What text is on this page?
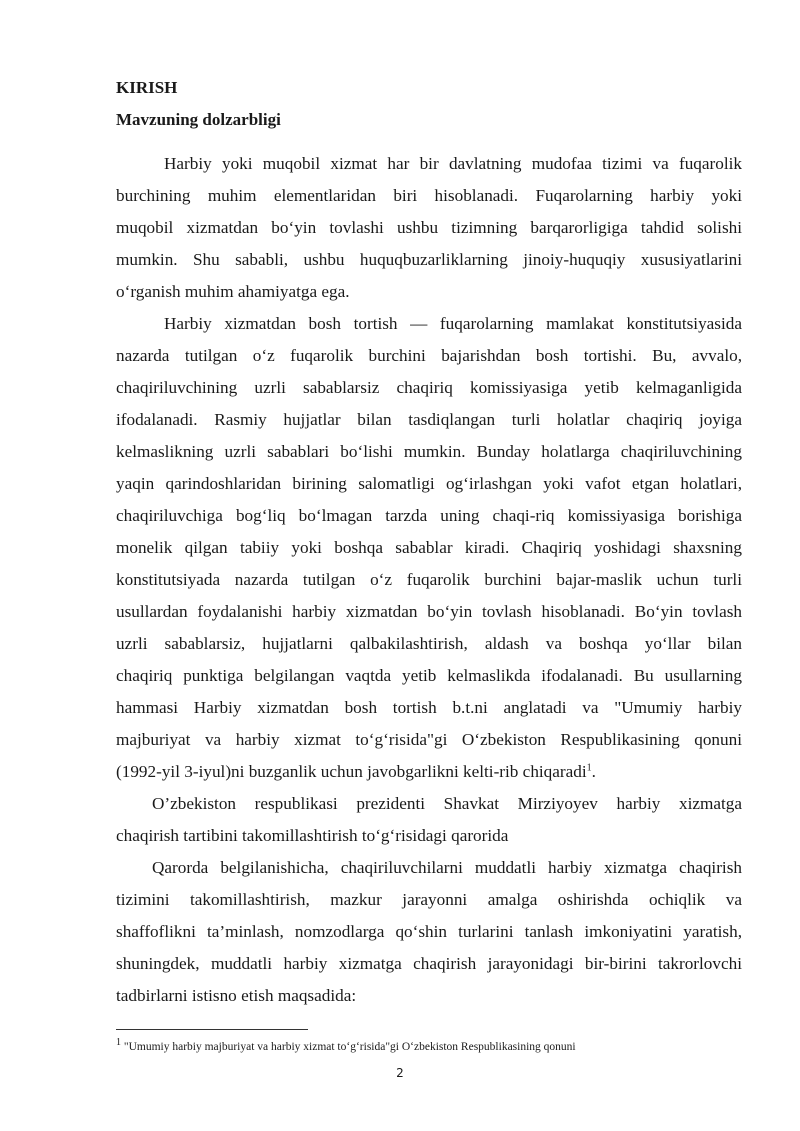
KIRISH
Mavzuning dolzarbligi
Harbiy yoki muqobil xizmat har bir davlatning mudofaa tizimi va fuqarolik
burchining muhim elementlaridan biri hisoblanadi. Fuqarolarning harbiy yoki
muqobil xizmatdan bo‘yin tovlashi ushbu tizimning barqarorligiga tahdid solishi
mumkin. Shu sababli, ushbu huquqbuzarliklarning jinoiy-huquqiy xususiyatlarini
o‘rganish muhim ahamiyatga ega.
Harbiy xizmatdan bosh tortish — fuqarolarning mamlakat konstitutsiyasida
nazarda tutilgan o‘z fuqarolik burchini bajarishdan bosh tortishi. Bu, avvalo,
chaqiriluvchining uzrli sabablarsiz chaqiriq komissiyasiga yetib kelmaganligida
ifodalanadi. Rasmiy hujjatlar bilan tasdiqlangan turli holatlar chaqiriq joyiga
kelmaslikning uzrli sabablari bo‘lishi mumkin. Bunday holatlarga chaqiriluvchining
yaqin qarindoshlaridan birining salomatligi og‘irlashgan yoki vafot etgan holatlari,
chaqiriluvchiga bog‘liq bo‘lmagan tarzda uning chaqi-riq komissiyasiga borishiga
monelik qilgan tabiiy yoki boshqa sabablar kiradi. Chaqiriq yoshidagi shaxsning
konstitutsiyada nazarda tutilgan o‘z fuqarolik burchini bajar-maslik uchun turli
usullardan foydalanishi harbiy xizmatdan bo‘yin tovlash hisoblanadi. Bo‘yin tovlash
uzrli sabablarsiz, hujjatlarni qalbakilashtirish, aldash va boshqa yo‘llar bilan
chaqiriq punktiga belgilangan vaqtda yetib kelmaslikda ifodalanadi. Bu usullarning
hammasi Harbiy xizmatdan bosh tortish b.t.ni anglatadi va "Umumiy harbiy
majburiyat va harbiy xizmat to‘g‘risida"gi O‘zbekiston Respublikasining qonuni
(1992-yil 3-iyul)ni buzganlik uchun javobgarlikni kelti-rib chiqaradi$^1$.
O’zbekiston respublikasi prezidenti Shavkat Mirziyoyev harbiy xizmatga
chaqirish tartibini takomillashtirish to‘g‘risidagi qarorida
Qarorda belgilanishicha, chaqiriluvchilarni muddatli harbiy xizmatga chaqirish
tizimini takomillashtirish, mazkur jarayonni amalga oshirishda ochiqlik va
shaffoflikni ta’minlash, nomzodlarga qo‘shin turlarini tanlash imkoniyatini yaratish,
shuningdek, muddatli harbiy xizmatga chaqirish jarayonidagi bir-birini takrorlovchi
tadbirlarni istisno etish maqsadida:
$^1$ "Umumiy harbiy majburiyat va harbiy xizmat to‘g‘risida"gi O‘zbekiston Respublikasining qonuni
2
